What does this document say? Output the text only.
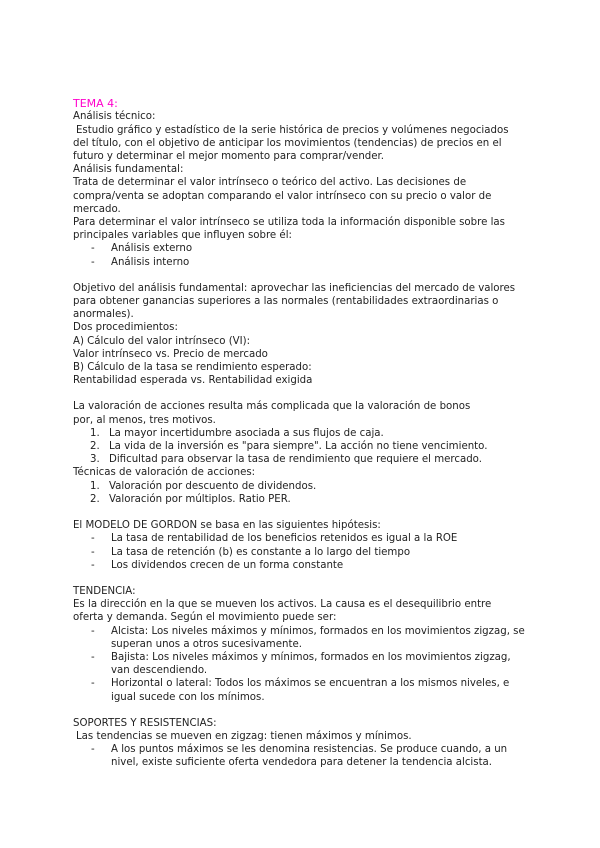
TEMA 4:
Análisis técnico:
Estudio gráfico y estadístico de la serie histórica de precios y volúmenes negociados
del título, con el objetivo de anticipar los movimientos (tendencias) de precios en el
futuro y determinar el mejor momento para comprar/vender.
Análisis fundamental:
Trata de determinar el valor intrínseco o teórico del activo. Las decisiones de
compra/venta se adoptan comparando el valor intrínseco con su precio o valor de
mercado.
Para determinar el valor intrínseco se utiliza toda la información disponible sobre las
principales variables que influyen sobre él:
-	Análisis externo
-	Análisis interno
Objetivo del análisis fundamental: aprovechar las ineficiencias del mercado de valores
para obtener ganancias superiores a las normales (rentabilidades extraordinarias o
anormales).
Dos procedimientos:
A) Cálculo del valor intrínseco (VI):
Valor intrínseco vs. Precio de mercado
B) Cálculo de la tasa se rendimiento esperado:
Rentabilidad esperada vs. Rentabilidad exigida
La valoración de acciones resulta más complicada que la valoración de bonos
por, al menos, tres motivos.
1. La mayor incertidumbre asociada a sus flujos de caja.
2. La vida de la inversión es "para siempre". La acción no tiene vencimiento.
3. Dificultad para observar la tasa de rendimiento que requiere el mercado.
Técnicas de valoración de acciones:
1. Valoración por descuento de dividendos.
2. Valoración por múltiplos. Ratio PER.
El MODELO DE GORDON se basa en las siguientes hipótesis:
-	La tasa de rentabilidad de los beneficios retenidos es igual a la ROE
-	La tasa de retención (b) es constante a lo largo del tiempo
-	Los dividendos crecen de un forma constante
TENDENCIA:
Es la dirección en la que se mueven los activos. La causa es el desequilibrio entre
oferta y demanda. Según el movimiento puede ser:
-	Alcista: Los niveles máximos y mínimos, formados en los movimientos zigzag, se
superan unos a otros sucesivamente.
-	Bajista: Los niveles máximos y mínimos, formados en los movimientos zigzag,
van descendiendo.
-	Horizontal o lateral: Todos los máximos se encuentran a los mismos niveles, e
igual sucede con los mínimos.
SOPORTES Y RESISTENCIAS:
Las tendencias se mueven en zigzag: tienen máximos y mínimos.
-	A los puntos máximos se les denomina resistencias. Se produce cuando, a un
nivel, existe suficiente oferta vendedora para detener la tendencia alcista.
